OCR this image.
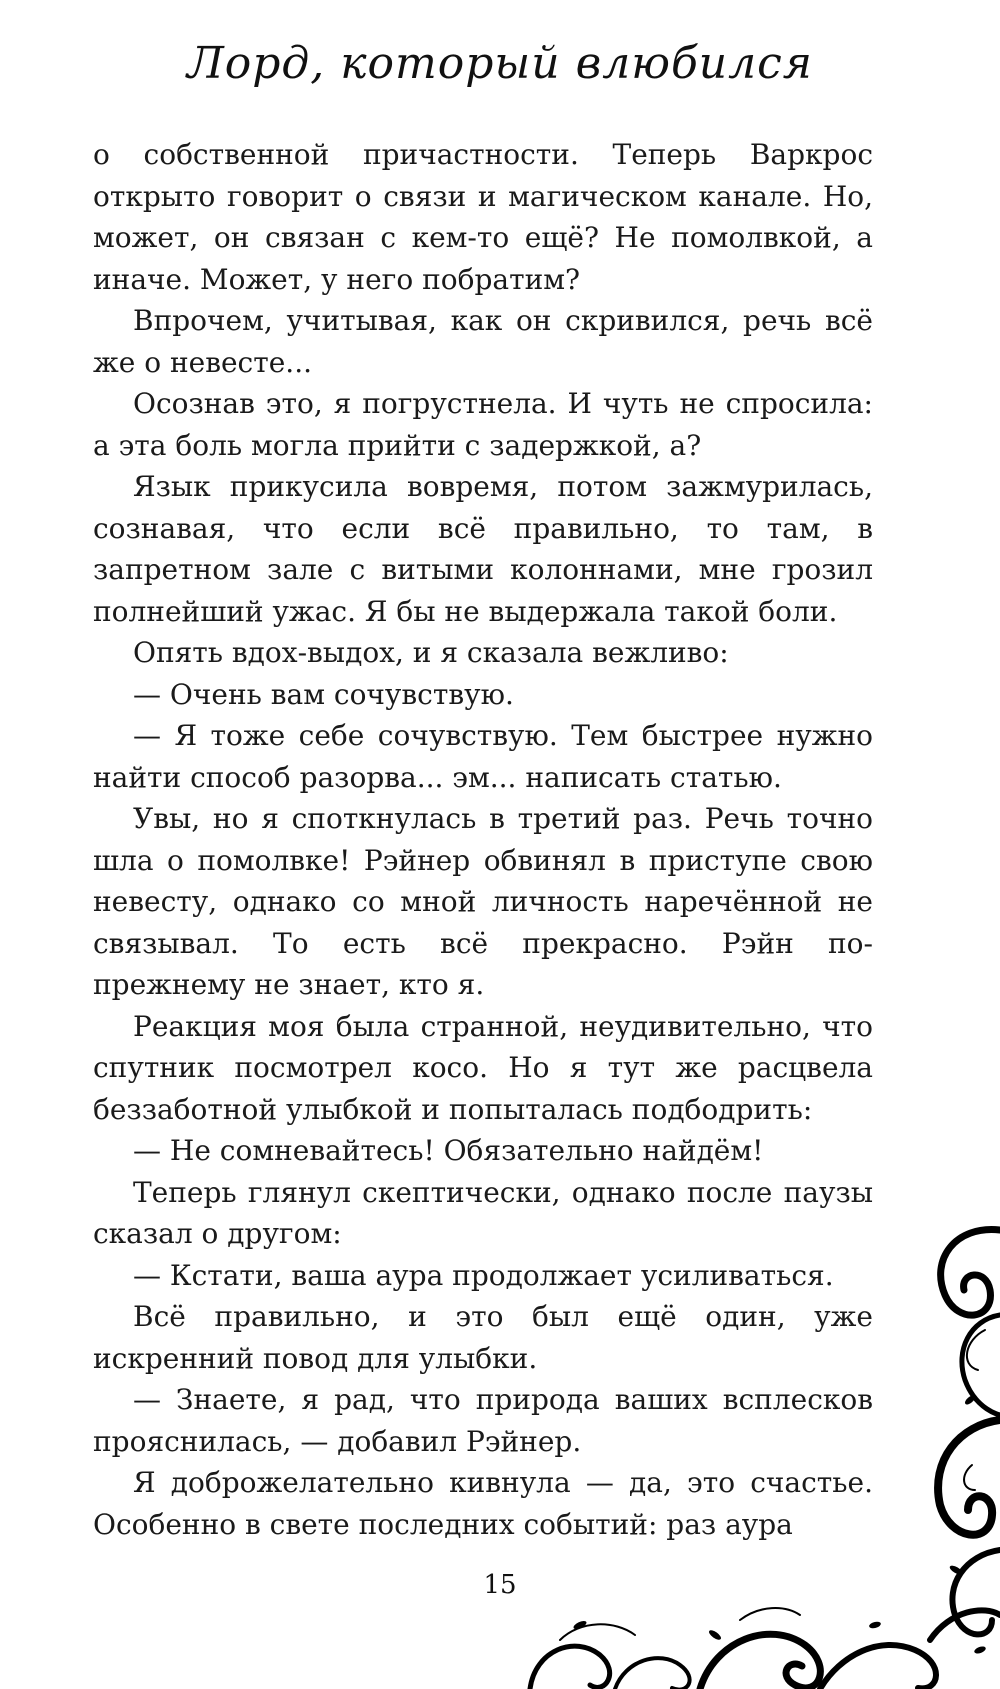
Лорд, который влюбился

о собственной причастности. Теперь Варкрос открыто говорит о связи и магическом канале. Но, может, он связан с кем-то ещё? Не помолвкой, а иначе. Может, у него побратим?

Впрочем, учитывая, как он скривился, речь всё же о невесте...

Осознав это, я погрустнела. И чуть не спросила: а эта боль могла прийти с задержкой, а?

Язык прикусила вовремя, потом зажмурилась, сознавая, что если всё правильно, то там, в запретном зале с витыми колоннами, мне грозил полнейший ужас. Я бы не выдержала такой боли.

Опять вдох-выдох, и я сказала вежливо:

— Очень вам сочувствую.

— Я тоже себе сочувствую. Тем быстрее нужно найти способ разорва... эм... написать статью.

Увы, но я споткнулась в третий раз. Речь точно шла о помолвке! Рэйнер обвинял в приступе свою невесту, однако со мной личность наречённой не связывал. То есть всё прекрасно. Рэйн по-прежнему не знает, кто я.

Реакция моя была странной, неудивительно, что спутник посмотрел косо. Но я тут же расцвела беззаботной улыбкой и попыталась подбодрить:

— Не сомневайтесь! Обязательно найдём!

Теперь глянул скептически, однако после паузы сказал о другом:

— Кстати, ваша аура продолжает усиливаться.

Всё правильно, и это был ещё один, уже искренний повод для улыбки.

— Знаете, я рад, что природа ваших всплесков прояснилась, — добавил Рэйнер.

Я доброжелательно кивнула — да, это счастье. Особенно в свете последних событий: раз аура

15
